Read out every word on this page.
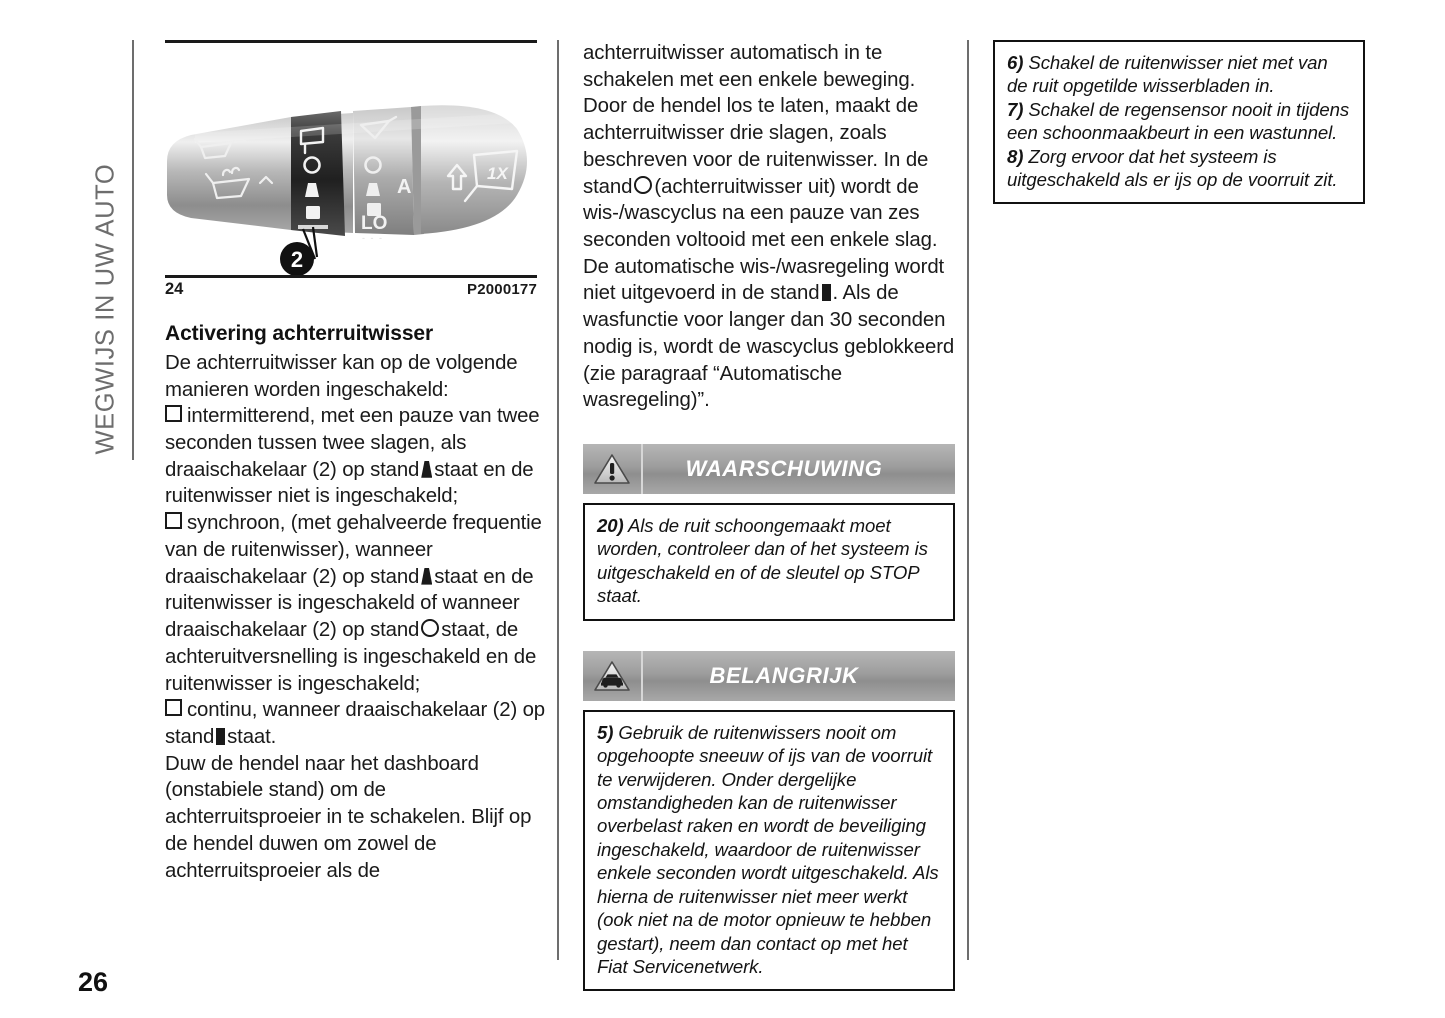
WEGWIJS IN UW AUTO	A
LO
- - -
1X
2
24	P2000177
Activering achterruitwisser

De achterruitwisser kan op de volgende manieren worden ingeschakeld:

intermitterend, met een pauze van twee seconden tussen twee slagen, als draaischakelaar (2) op stand staat en de ruitenwisser niet is ingeschakeld;

synchroon, (met gehalveerde frequentie van de ruitenwisser), wanneer draaischakelaar (2) op stand staat en de ruitenwisser is ingeschakeld of wanneer draaischakelaar (2) op stand staat, de achteruitversnelling is ingeschakeld en de ruitenwisser is ingeschakeld;

continu, wanneer draaischakelaar (2) op stand staat.

Duw de hendel naar het dashboard (onstabiele stand) om de achterruitsproeier in te schakelen. Blijf op de hendel duwen om zowel de achterruitsproeier als de

achterruitwisser automatisch in te schakelen met een enkele beweging. Door de hendel los te laten, maakt de achterruitwisser drie slagen, zoals beschreven voor de ruitenwisser. In de stand (achterruitwisser uit) wordt de wis-/wascyclus na een pauze van zes seconden voltooid met een enkele slag. De automatische wis-/wasregeling wordt niet uitgevoerd in de stand . Als de wasfunctie voor langer dan 30 seconden nodig is, wordt de wascyclus geblokkeerd (zie paragraaf “Automatische wasregeling)”.

WAARSCHUWING
20) Als de ruit schoongemaakt moet worden, controleer dan of het systeem is uitgeschakeld en of de sleutel op STOP staat.
BELANGRIJK
5) Gebruik de ruitenwissers nooit om opgehoopte sneeuw of ijs van de voorruit te verwijderen. Onder dergelijke omstandigheden kan de ruitenwisser overbelast raken en wordt de beveiliging ingeschakeld, waardoor de ruitenwisser enkele seconden wordt uitgeschakeld. Als hierna de ruitenwisser niet meer werkt (ook niet na de motor opnieuw te hebben gestart), neem dan contact op met het Fiat Servicenetwerk.
6) Schakel de ruitenwisser niet met van de ruit opgetilde wisserbladen in.
7) Schakel de regensensor nooit in tijdens een schoonmaakbeurt in een wastunnel.
8) Zorg ervoor dat het systeem is uitgeschakeld als er ijs op de voorruit zit.
26
